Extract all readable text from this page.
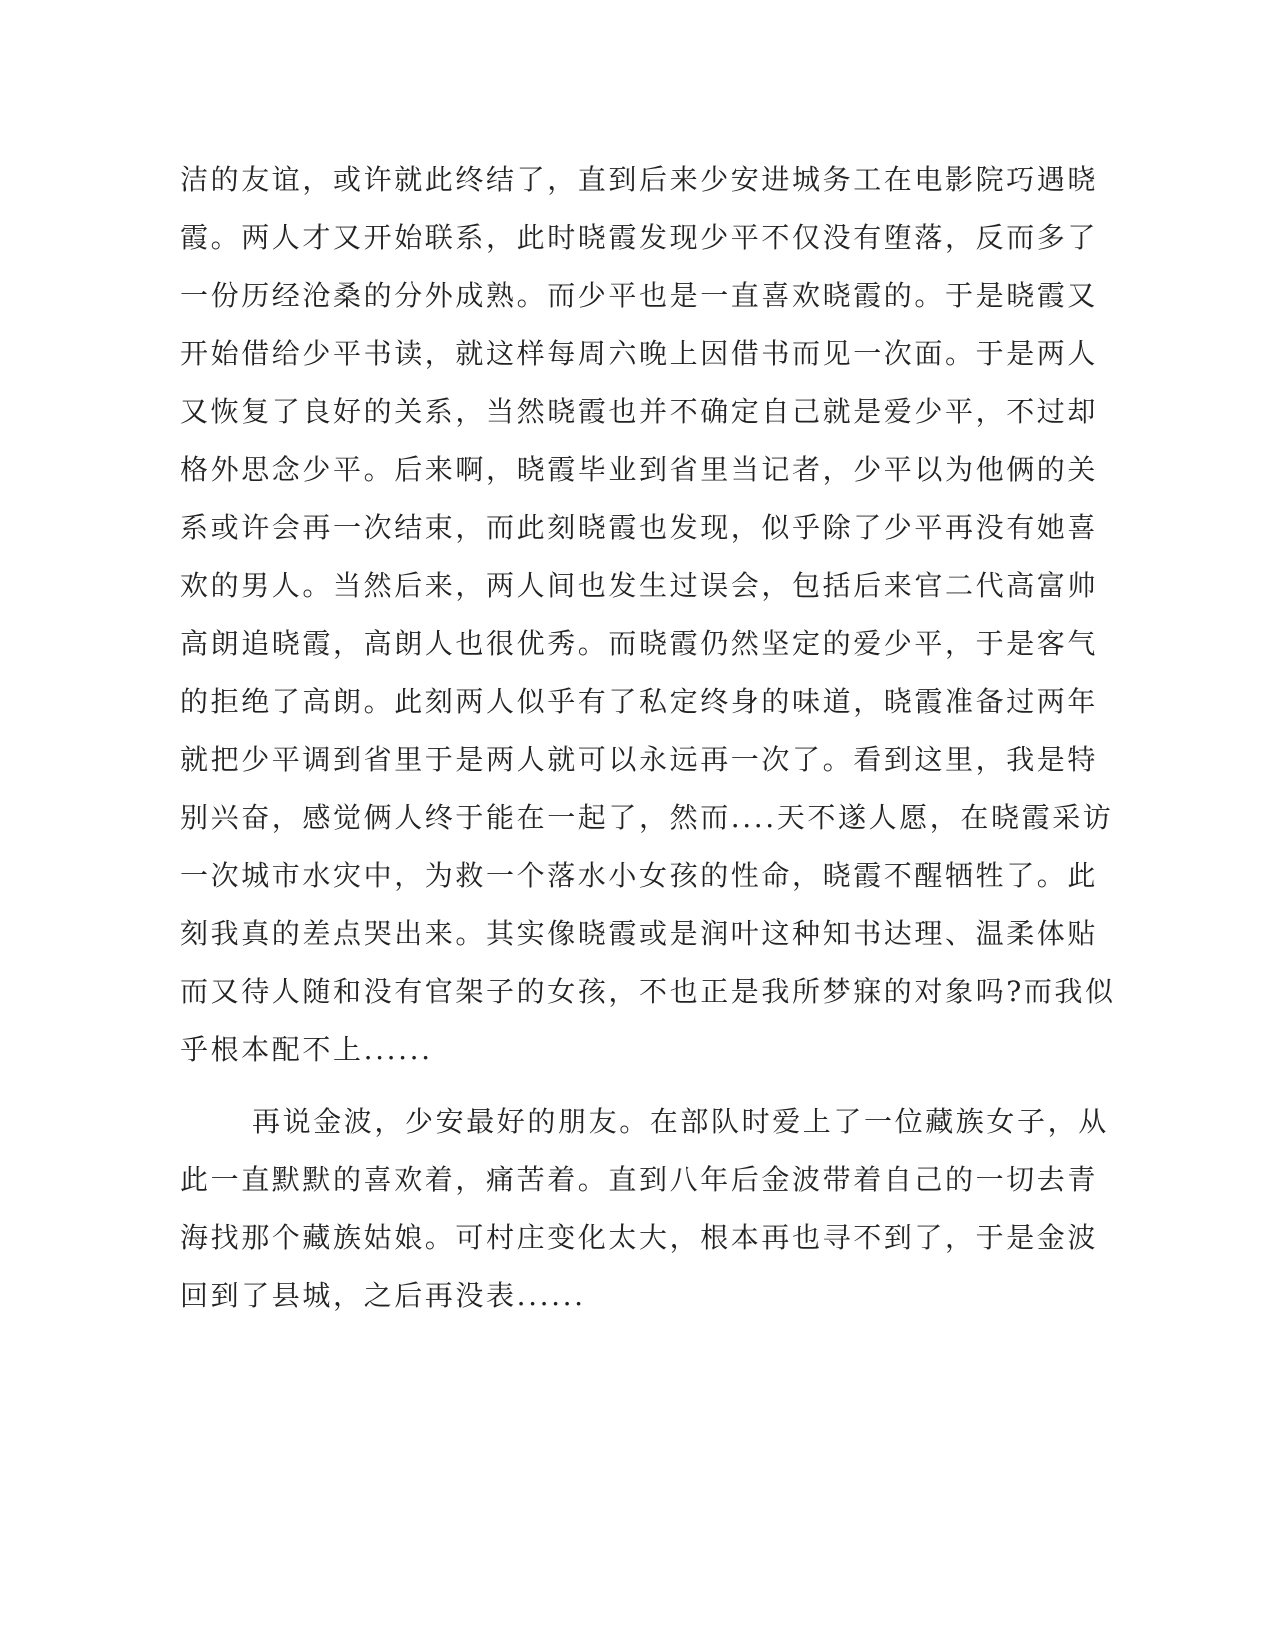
洁的友谊，或许就此终结了，直到后来少安进城务工在电影院巧遇晓
霞。两人才又开始联系，此时晓霞发现少平不仅没有堕落，反而多了
一份历经沧桑的分外成熟。而少平也是一直喜欢晓霞的。于是晓霞又
开始借给少平书读，就这样每周六晚上因借书而见一次面。于是两人
又恢复了良好的关系，当然晓霞也并不确定自己就是爱少平，不过却
格外思念少平。后来啊，晓霞毕业到省里当记者，少平以为他俩的关
系或许会再一次结束，而此刻晓霞也发现，似乎除了少平再没有她喜
欢的男人。当然后来，两人间也发生过误会，包括后来官二代高富帅
高朗追晓霞，高朗人也很优秀。而晓霞仍然坚定的爱少平，于是客气
的拒绝了高朗。此刻两人似乎有了私定终身的味道，晓霞准备过两年
就把少平调到省里于是两人就可以永远再一次了。看到这里，我是特
别兴奋，感觉俩人终于能在一起了，然而....天不遂人愿，在晓霞采访
一次城市水灾中，为救一个落水小女孩的性命，晓霞不醒牺牲了。此
刻我真的差点哭出来。其实像晓霞或是润叶这种知书达理、温柔体贴
而又待人随和没有官架子的女孩，不也正是我所梦寐的对象吗?而我似
乎根本配不上......
再说金波，少安最好的朋友。在部队时爱上了一位藏族女子，从
此一直默默的喜欢着，痛苦着。直到八年后金波带着自己的一切去青
海找那个藏族姑娘。可村庄变化太大，根本再也寻不到了，于是金波
回到了县城，之后再没表......
